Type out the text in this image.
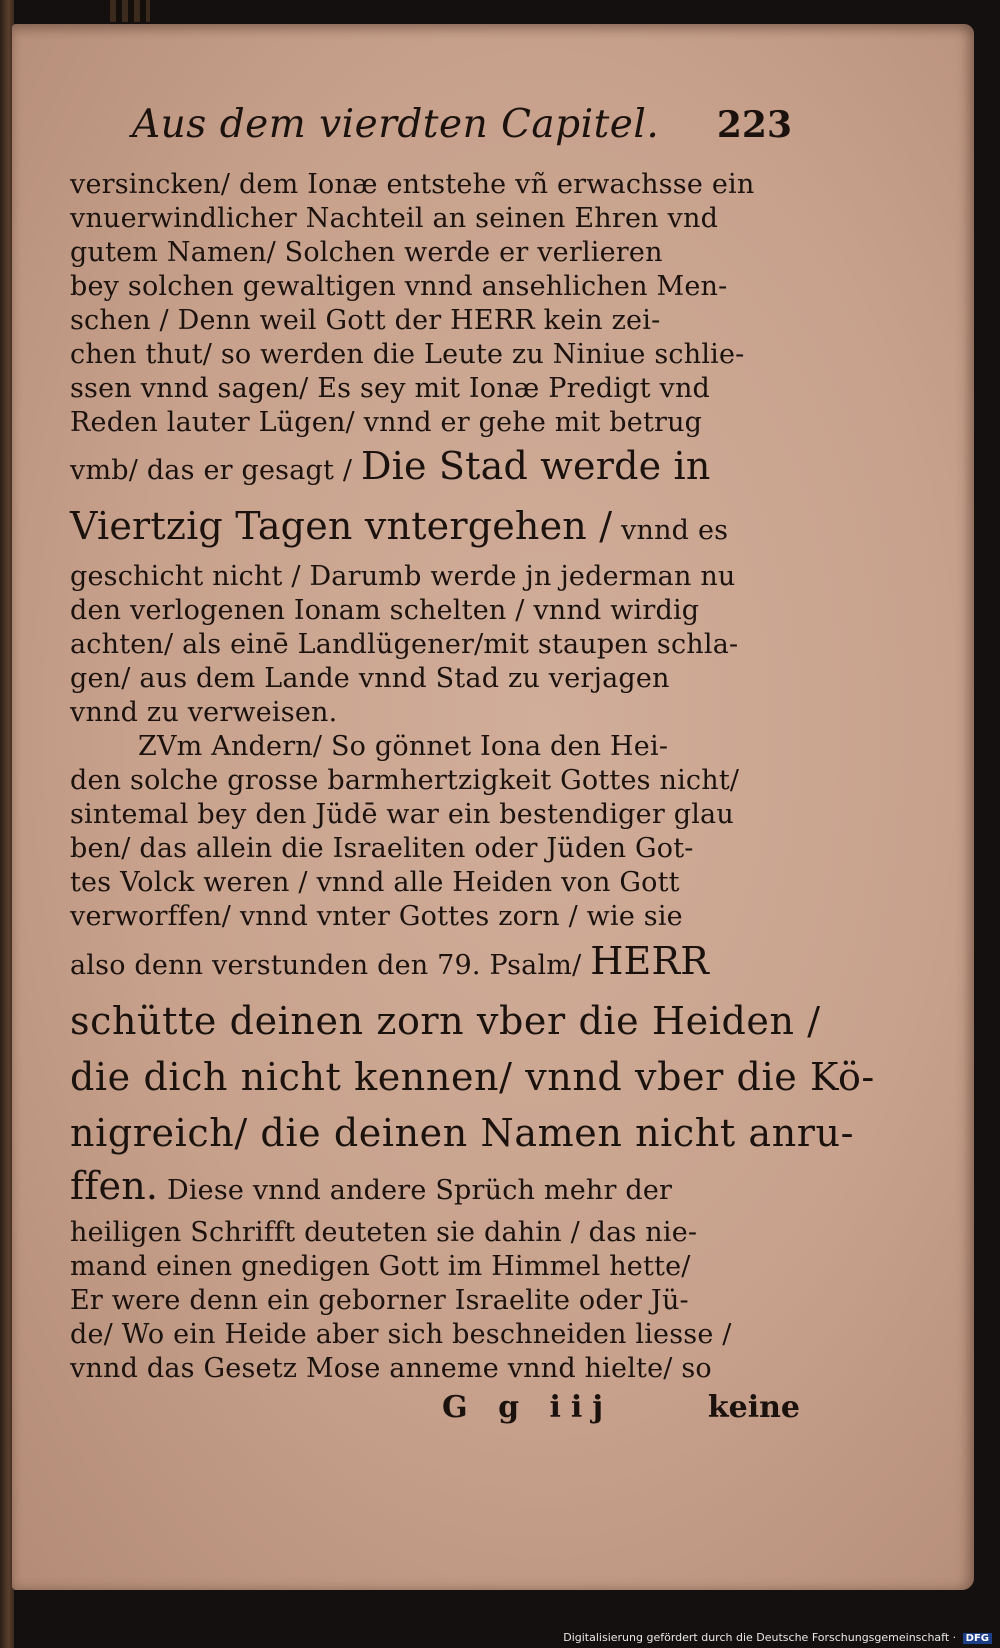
Aus dem vierdten Capitel. 223
versincken/ dem Ionæ entstehe vñ erwachsse ein
vnuerwindlicher Nachteil an seinen Ehren vnd
gutem Namen/ Solchen werde er verlieren
bey solchen gewaltigen vnnd ansehlichen Men-
schen / Denn weil Gott der HERR kein zei-
chen thut/ so werden die Leute zu Niniue schlie-
ssen vnnd sagen/ Es sey mit Ionæ Predigt vnd
Reden lauter Lügen/ vnnd er gehe mit betrug
vmb/ das er gesagt / Die Stad werde in
Viertzig Tagen vntergehen / vnnd es
geschicht nicht / Darumb werde jn jederman nu
den verlogenen Ionam schelten / vnnd wirdig
achten/ als einē Landlügener/mit staupen schla-
gen/ aus dem Lande vnnd Stad zu verjagen
vnnd zu verweisen.
ZVm Andern/ So gönnet Iona den Hei-
den solche grosse barmhertzigkeit Gottes nicht/
sintemal bey den Jüdē war ein bestendiger glau
ben/ das allein die Israeliten oder Jüden Got-
tes Volck weren / vnnd alle Heiden von Gott
verworffen/ vnnd vnter Gottes zorn / wie sie
also denn verstunden den 79. Psalm/ HERR
schütte deinen zorn vber die Heiden /
die dich nicht kennen/ vnnd vber die Kö-
nigreich/ die deinen Namen nicht anru-
ffen. Diese vnnd andere Sprüch mehr der
heiligen Schrifft deuteten sie dahin / das nie-
mand einen gnedigen Gott im Himmel hette/
Er were denn ein geborner Israelite oder Jü-
de/ Wo ein Heide aber sich beschneiden liesse /
vnnd das Gesetz Mose anneme vnnd hielte/ so
G g iij	keine
Digitalisierung gefördert durch die Deutsche Forschungsgemeinschaft · DFG
